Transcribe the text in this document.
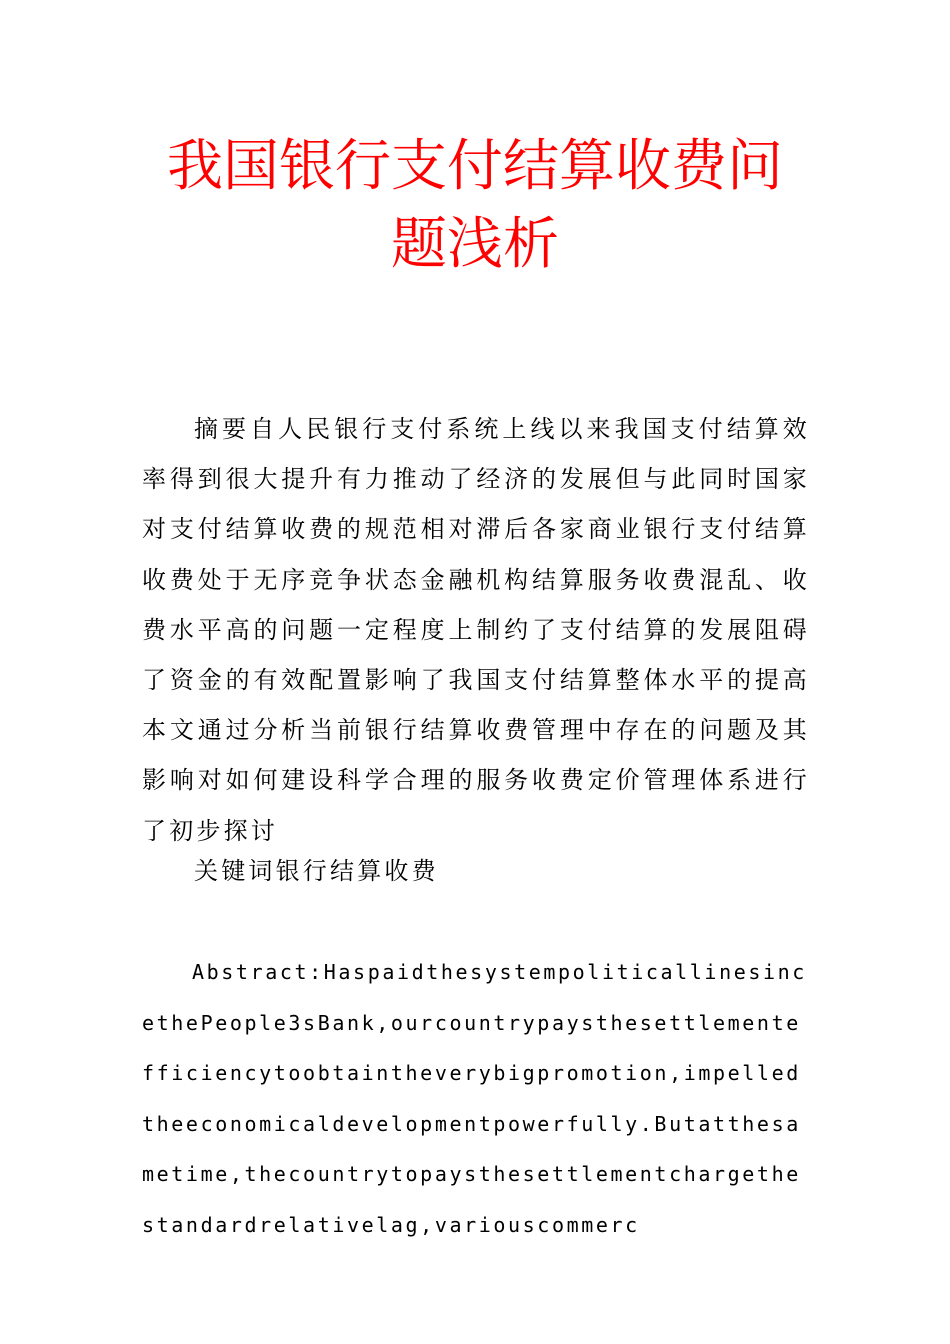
我国银行支付结算收费问
题浅析
摘要自人民银行支付系统上线以来我国支付结算效率得到很大提升有力推动了经济的发展但与此同时国家对支付结算收费的规范相对滞后各家商业银行支付结算收费处于无序竞争状态金融机构结算服务收费混乱、收费水平高的问题一定程度上制约了支付结算的发展阻碍了资金的有效配置影响了我国支付结算整体水平的提高本文通过分析当前银行结算收费管理中存在的问题及其影响对如何建设科学合理的服务收费定价管理体系进行了初步探讨
关键词银行结算收费
Abstract:HaspaidthesystempoliticallinesincethePeople3sBank,ourcountrypaysthesettlementefficiencytoobtaintheverybigpromotion,impelledtheeconomicaldevelopmentpowerfully.Butatthesametime,thecountrytopaysthesettlementchargethestandardrelativelag,variouscommerc
